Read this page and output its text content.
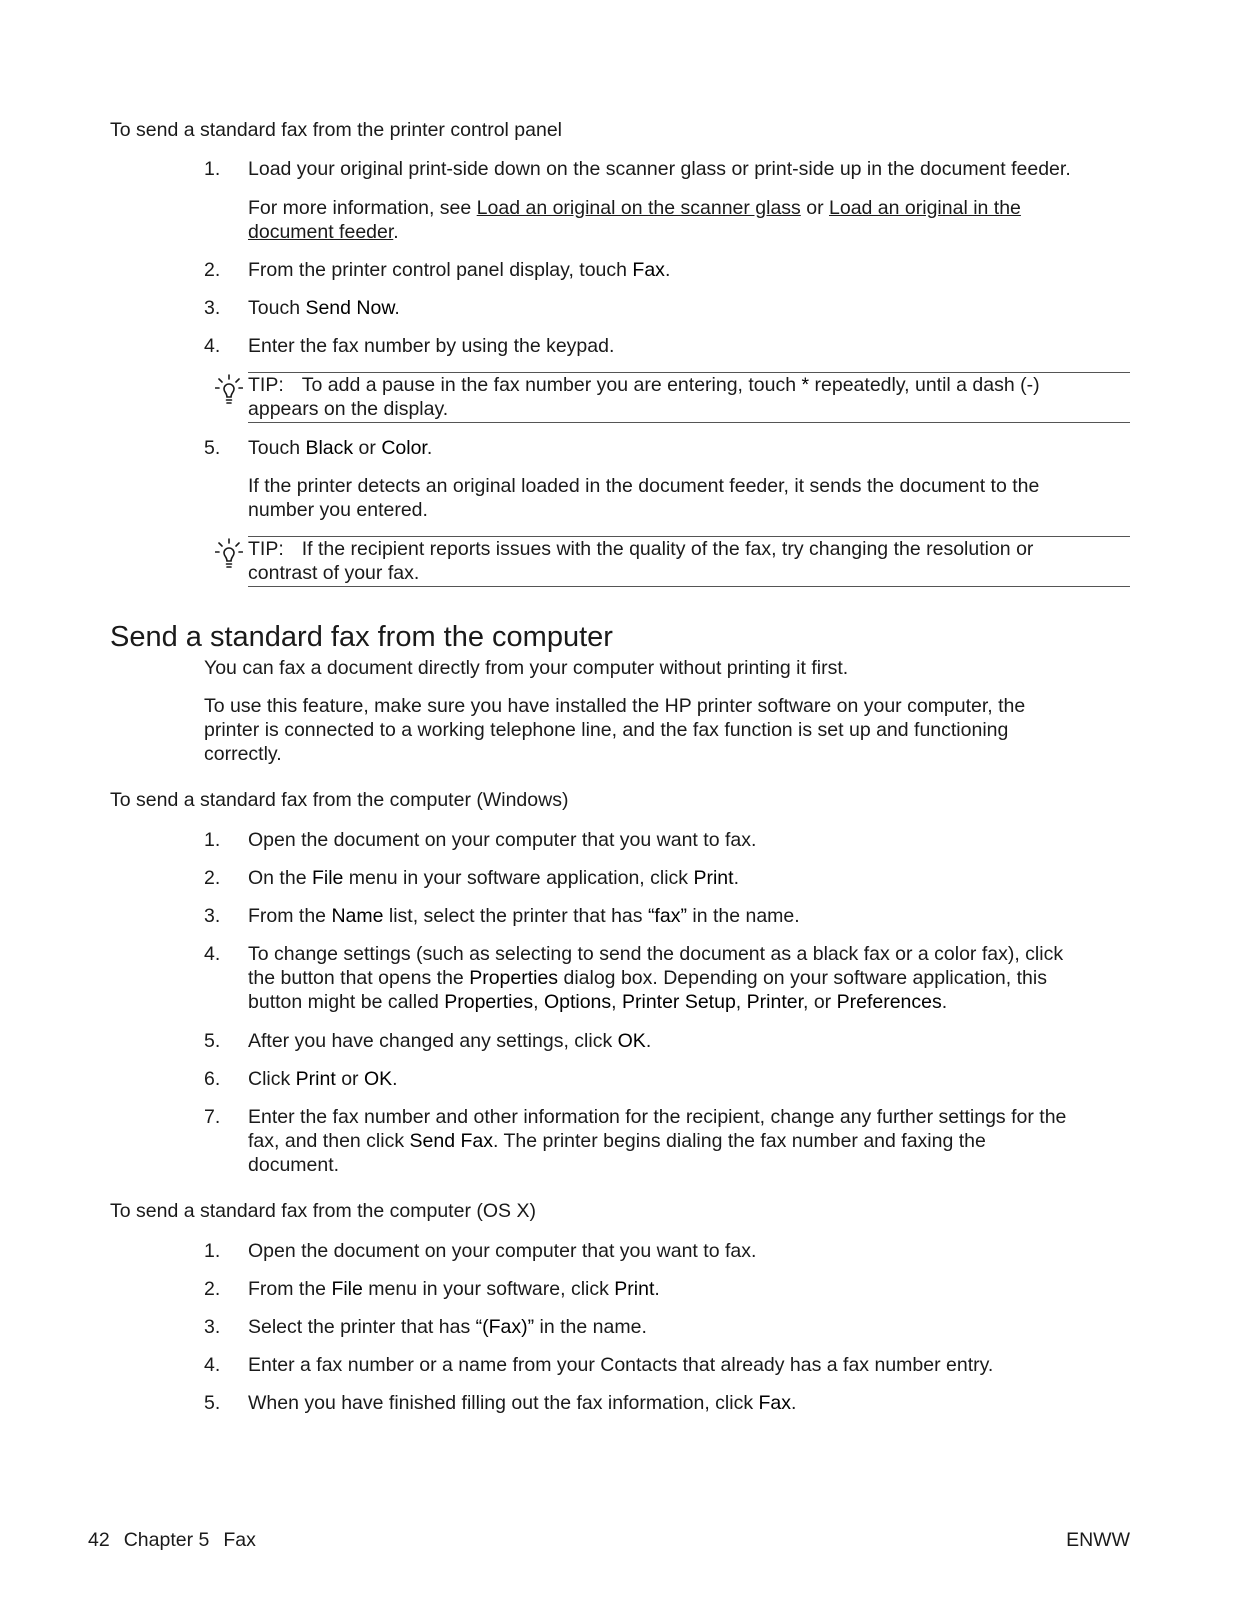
To send a standard fax from the printer control panel
1.	Load your original print-side down on the scanner glass or print-side up in the document feeder.

For more information, see Load an original on the scanner glass or Load an original in the
document feeder.

2.	From the printer control panel display, touch Fax.
3.	Touch Send Now.
4.	Enter the fax number by using the keypad.
TIP: To add a pause in the fax number you are entering, touch * repeatedly, until a dash (-)
appears on the display.
5.	Touch Black or Color.

If the printer detects an original loaded in the document feeder, it sends the document to the
number you entered.

TIP: If the recipient reports issues with the quality of the fax, try changing the resolution or
contrast of your fax.
Send a standard fax from the computer

You can fax a document directly from your computer without printing it first.

To use this feature, make sure you have installed the HP printer software on your computer, the
printer is connected to a working telephone line, and the fax function is set up and functioning
correctly.

To send a standard fax from the computer (Windows)
1.	Open the document on your computer that you want to fax.
2.	On the File menu in your software application, click Print.
3.	From the Name list, select the printer that has “fax” in the name.
4.	To change settings (such as selecting to send the document as a black fax or a color fax), click
the button that opens the Properties dialog box. Depending on your software application, this
button might be called Properties, Options, Printer Setup, Printer, or Preferences.
5.	After you have changed any settings, click OK.
6.	Click Print or OK.
7.	Enter the fax number and other information for the recipient, change any further settings for the
fax, and then click Send Fax. The printer begins dialing the fax number and faxing the
document.
To send a standard fax from the computer (OS X)
1.	Open the document on your computer that you want to fax.
2.	From the File menu in your software, click Print.
3.	Select the printer that has “(Fax)” in the name.
4.	Enter a fax number or a name from your Contacts that already has a fax number entry.
5.	When you have finished filling out the fax information, click Fax.
42 Chapter 5 Fax	ENWW
